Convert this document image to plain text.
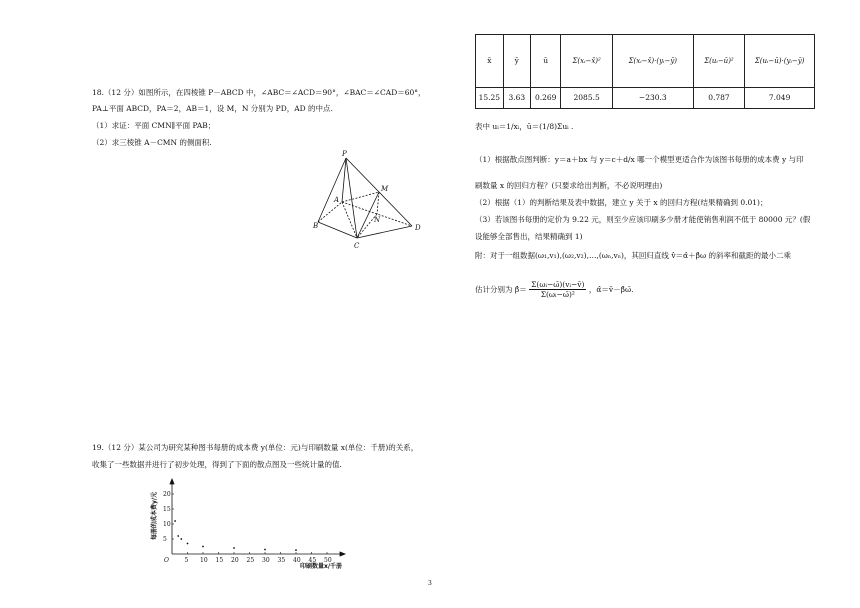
18.（12 分）如图所示，在四棱锥 P－ABCD 中，∠ABC＝∠ACD＝90°，∠BAC＝∠CAD＝60°，
PA⊥平面 ABCD，PA＝2，AB＝1，设 M，N 分别为 PD，AD 的中点.
（1）求证：平面 CMN∥平面 PAB；
（2）求三棱锥 A－CMN 的侧面积.
P
B
C
D
A
M
N
19.（12 分）某公司为研究某种图书每册的成本费 y(单位：元)与印刷数量 x(单位：千册)的关系，
收集了一些数据并进行了初步处理，得到了下面的散点图及一些统计量的值.
5
10
15
20
5 10 15 20 25 30 35 40 45 50
O
印刷数量x/千册
每册的成本费y/元
x̄	ȳ	ū	Σ(xᵢ−x̄)²	Σ(xᵢ−x̄)·(yᵢ−ȳ)	Σ(uᵢ−ū)²	Σ(uᵢ−ū)·(yᵢ−ȳ)
15.25	3.63	0.269	2085.5	−230.3	0.787	7.049
表中 uᵢ＝1/xᵢ，ū＝(1/8)Σuᵢ .
（1）根据散点图判断：y＝a＋bx 与 y＝c＋d/x 哪一个模型更适合作为该图书每册的成本费 y 与印
刷数量 x 的回归方程？(只要求给出判断，不必说明理由)
（2）根据（1）的判断结果及表中数据，建立 y 关于 x 的回归方程(结果精确到 0.01)；
（3）若该图书每册的定价为 9.22 元，则至少应该印刷多少册才能使销售利润不低于 80000 元？(假
设能够全部售出，结果精确到 1)
附：对于一组数据(ω₁,v₁),(ω₂,v₂),…,(ωₙ,vₙ)，其回归直线 v̂＝α̂＋β̂ω 的斜率和截距的最小二乘
估计分别为 β̂＝ $\frac{\text{Σ(ωᵢ−ω̄)(vᵢ−v̄)}}{\text{Σ(ωᵢ−ω̄)²}}$ ，α̂＝v̄－β̂ω̄.
3
